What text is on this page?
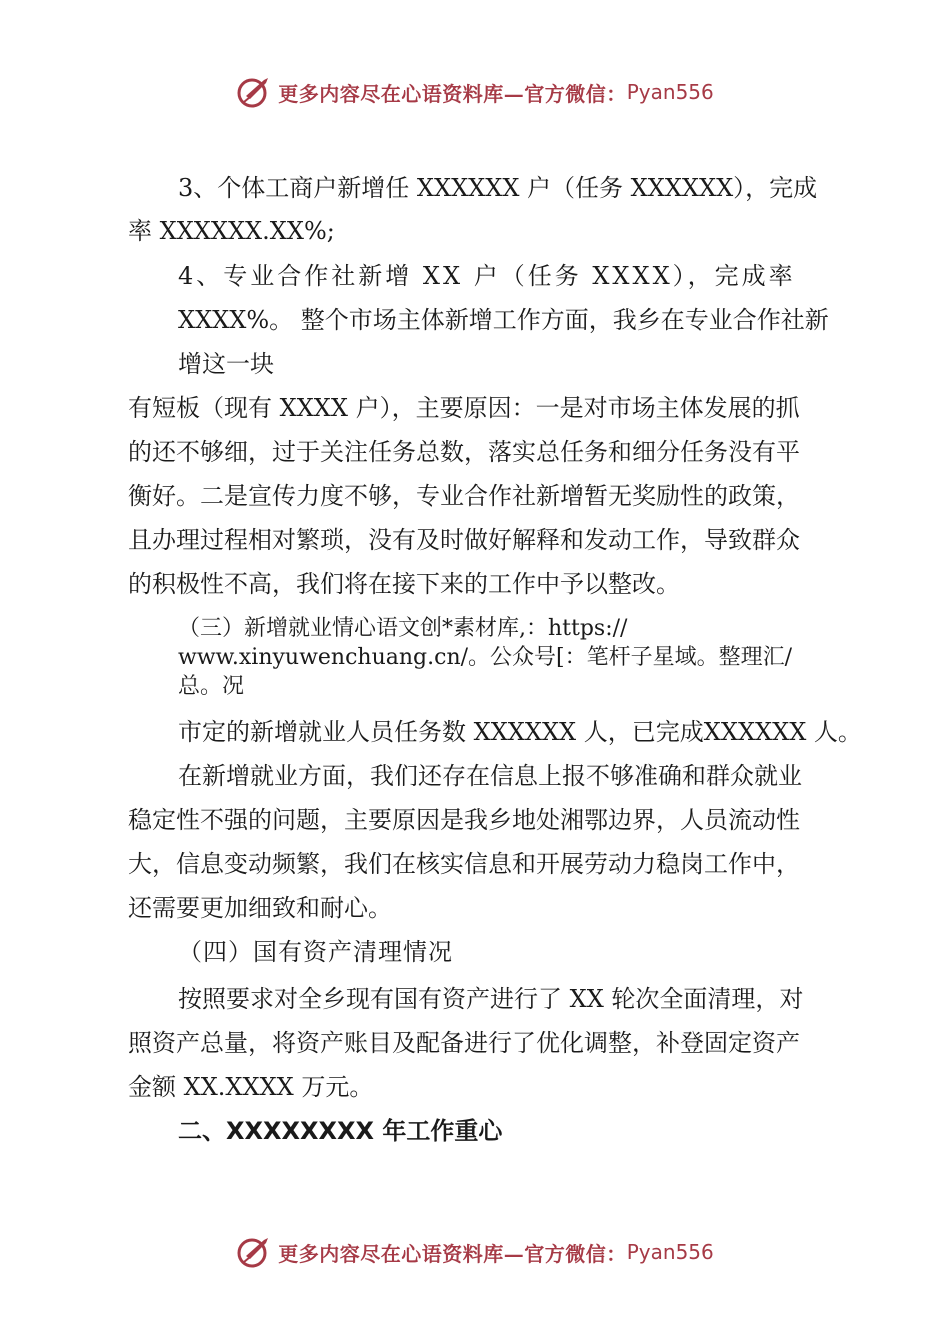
更多内容尽在心语资料库—官方微信： Pyan556
3、个体工商户新增任 XXXXXX 户（任务 XXXXXX），完成
率 XXXXXX.XX%;
4、专业合作社新增 XX 户（任务 XXXX），完成率
XXXX%。 整个市场主体新增工作方面，我乡在专业合作社新
增这一块
有短板（现有 XXXX 户），主要原因：一是对市场主体发展的抓
的还不够细，过于关注任务总数，落实总任务和细分任务没有平
衡好。二是宣传力度不够，专业合作社新增暂无奖励性的政策，
且办理过程相对繁琐，没有及时做好解释和发动工作，导致群众
的积极性不高，我们将在接下来的工作中予以整改。
（三）新增就业情心语文创*素材库,：https://
www.xinyuwenchuang.cn/。公众号[：笔杆子星域。整理汇/
总。况
市定的新增就业人员任务数 XXXXXX 人，已完成XXXXXX 人。
在新增就业方面，我们还存在信息上报不够准确和群众就业
稳定性不强的问题，主要原因是我乡地处湘鄂边界，人员流动性
大，信息变动频繁，我们在核实信息和开展劳动力稳岗工作中，
还需要更加细致和耐心。
（四）国有资产清理情况
按照要求对全乡现有国有资产进行了 XX 轮次全面清理，对
照资产总量，将资产账目及配备进行了优化调整，补登固定资产
金额 XX.XXXX 万元。
二、XXXXXXXX 年工作重心
更多内容尽在心语资料库—官方微信： Pyan556
